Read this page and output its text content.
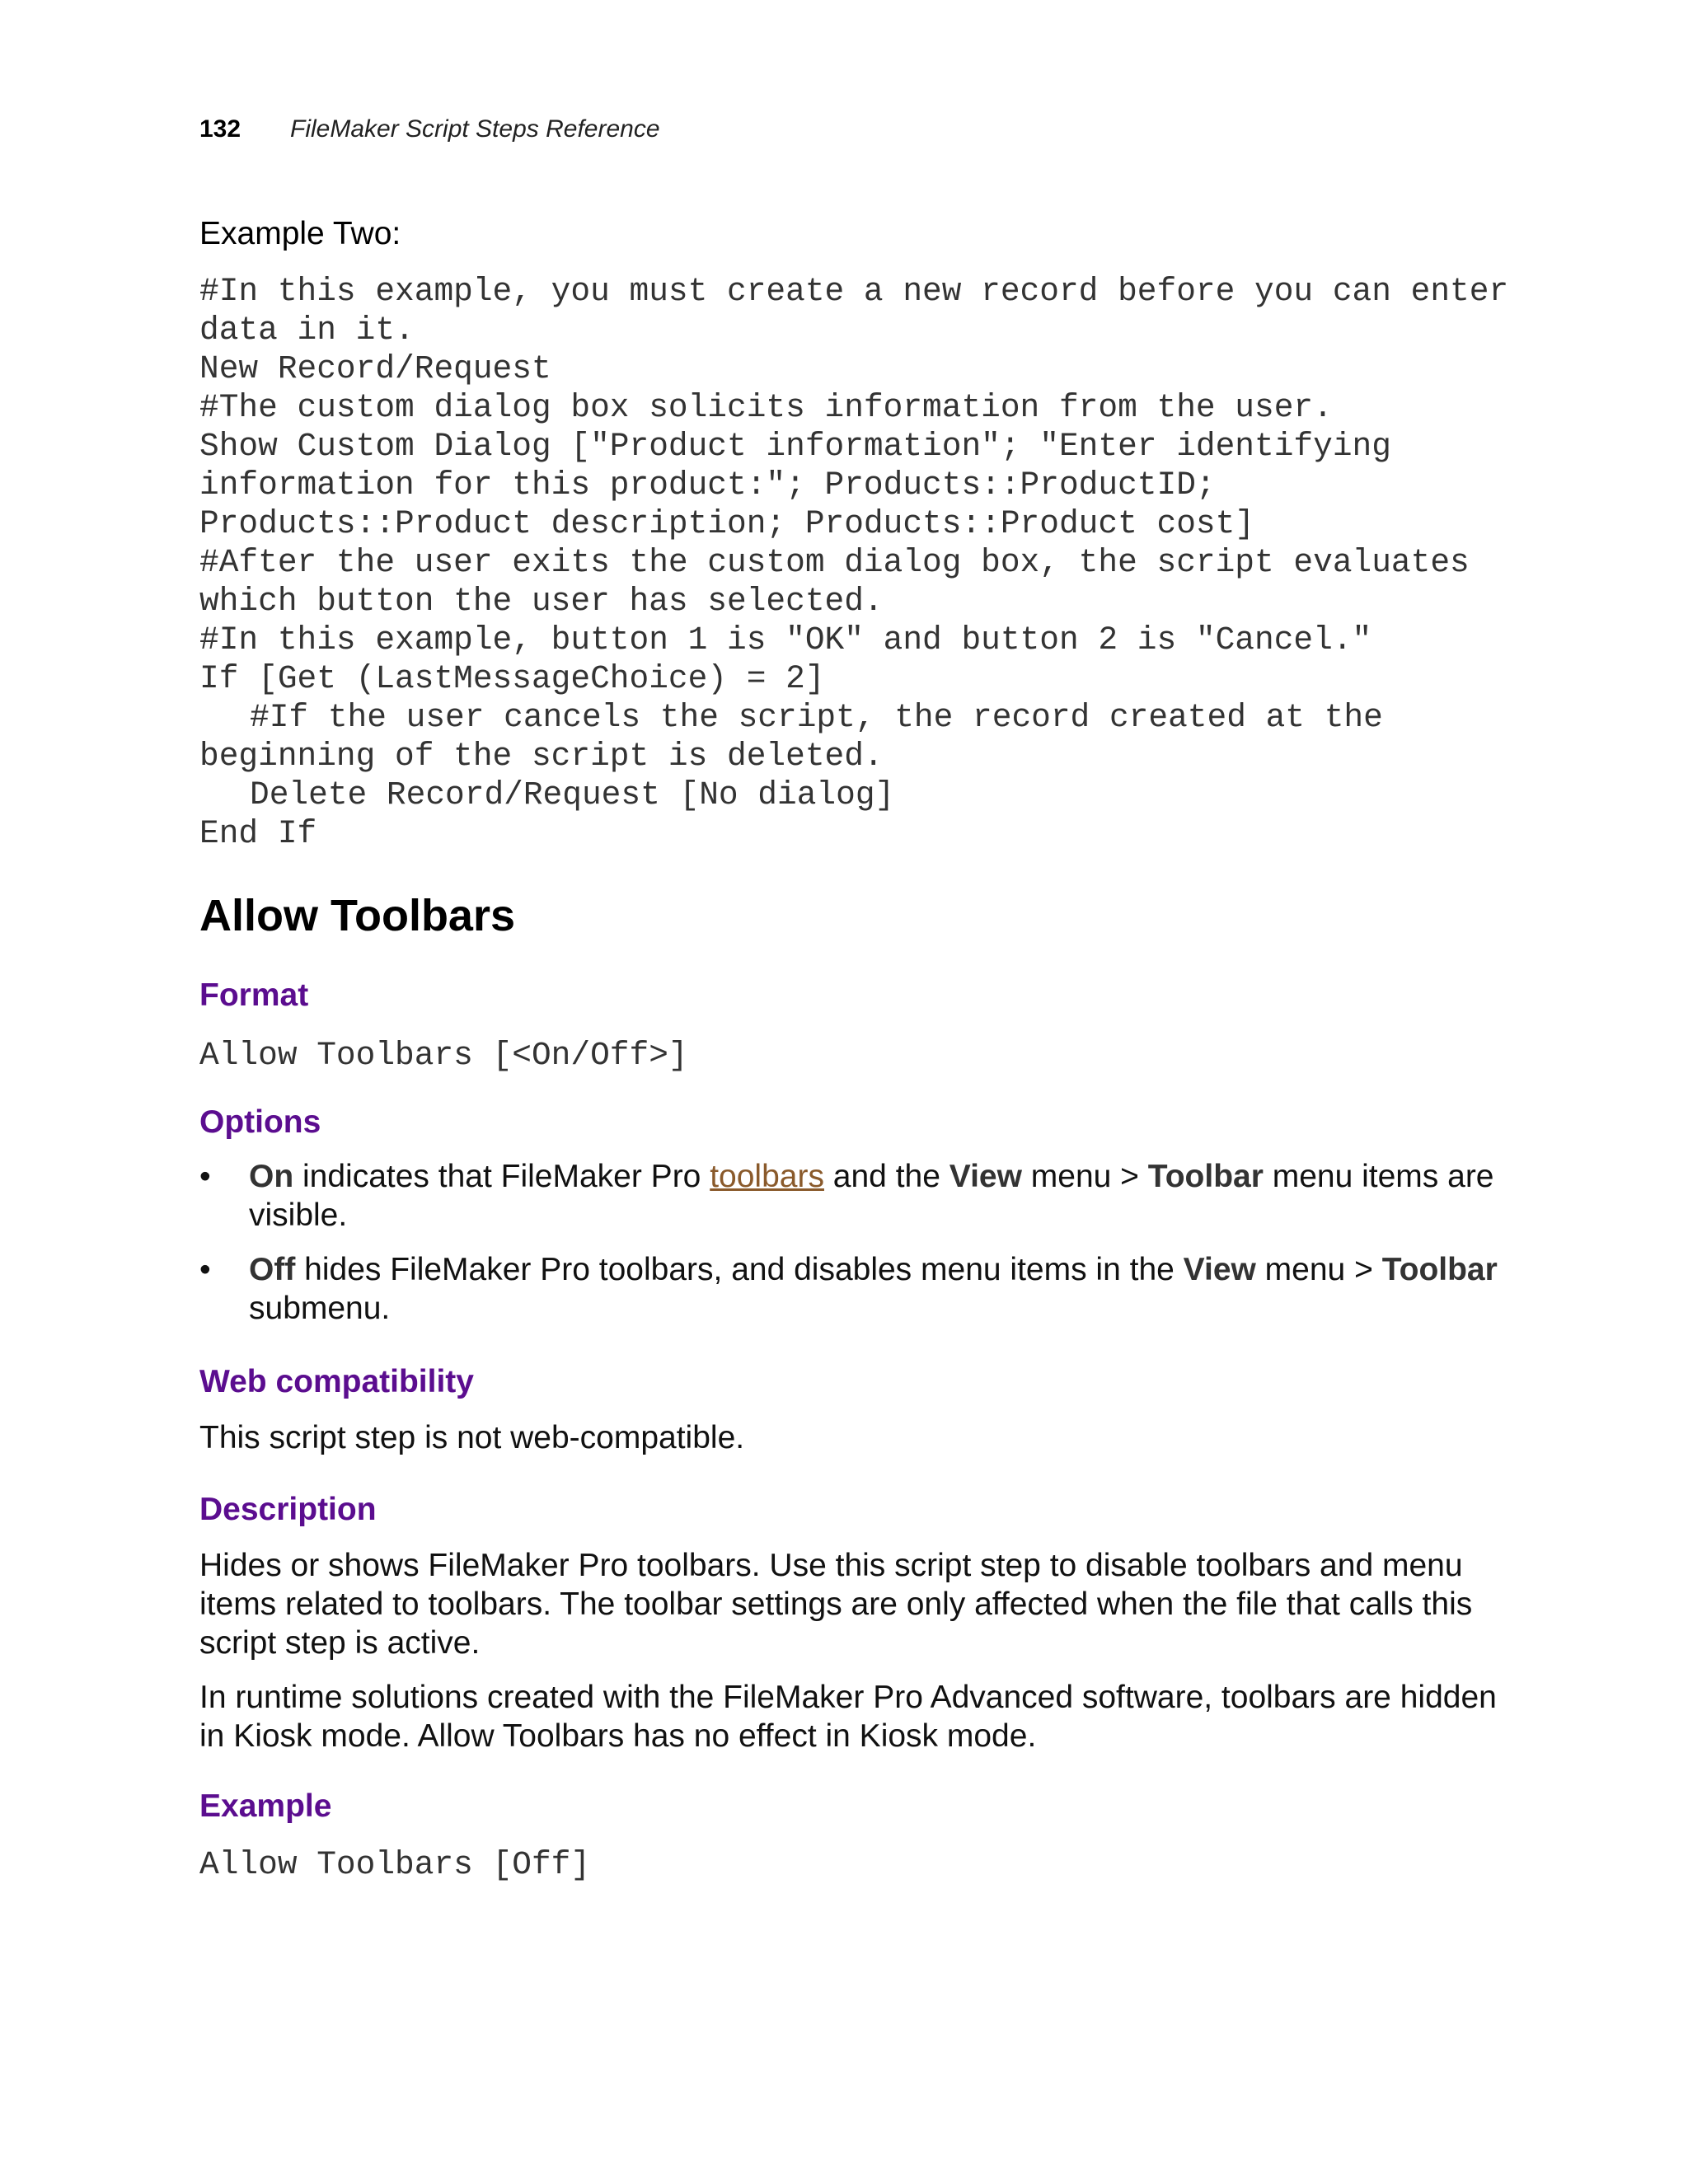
132 FileMaker Script Steps Reference
Example Two:
#In this example, you must create a new record before you can enter
data in it.
New Record/Request
#The custom dialog box solicits information from the user.
Show Custom Dialog ["Product information"; "Enter identifying
information for this product:"; Products::ProductID;
Products::Product description; Products::Product cost]
#After the user exits the custom dialog box, the script evaluates
which button the user has selected.
#In this example, button 1 is "OK" and button 2 is "Cancel."
If [Get (LastMessageChoice) = 2]
#If the user cancels the script, the record created at the
beginning of the script is deleted.
Delete Record/Request [No dialog]
End If
Allow Toolbars
Format
Allow Toolbars [<On/Off>]
Options
• On indicates that FileMaker Pro toolbars and the View menu > Toolbar menu items are visible.
• Off hides FileMaker Pro toolbars, and disables menu items in the View menu > Toolbar submenu.
Web compatibility
This script step is not web-compatible.
Description
Hides or shows FileMaker Pro toolbars. Use this script step to disable toolbars and menu items related to toolbars. The toolbar settings are only affected when the file that calls this script step is active.
In runtime solutions created with the FileMaker Pro Advanced software, toolbars are hidden in Kiosk mode. Allow Toolbars has no effect in Kiosk mode.
Example
Allow Toolbars [Off]
